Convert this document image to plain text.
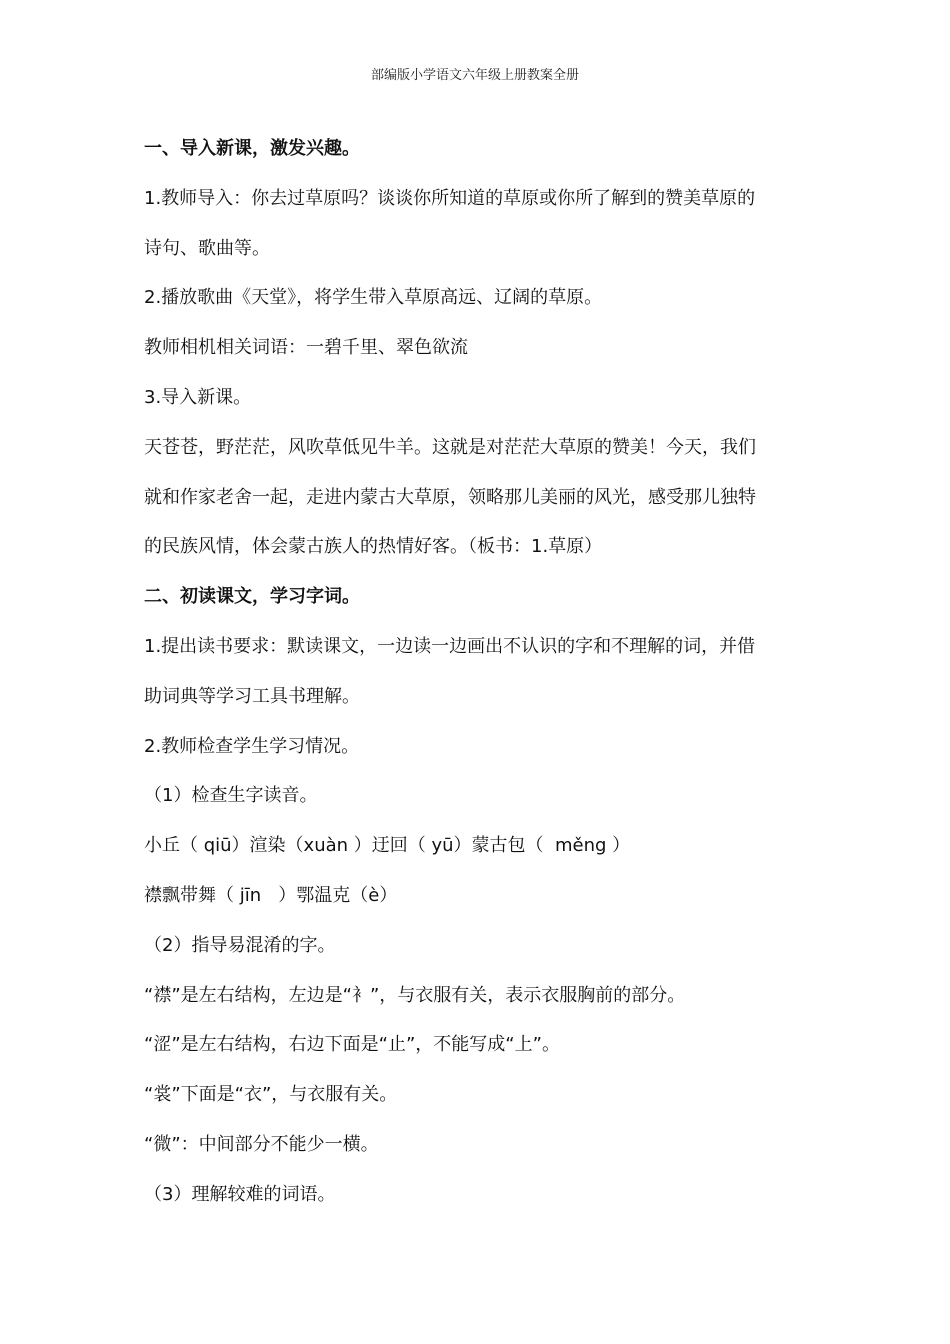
部编版小学语文六年级上册教案全册

一、导入新课，激发兴趣。

1.教师导入：你去过草原吗？谈谈你所知道的草原或你所了解到的赞美草原的

诗句、歌曲等。

2.播放歌曲《天堂》，将学生带入草原高远、辽阔的草原。

教师相机相关词语：一碧千里、翠色欲流

3.导入新课。

天苍苍，野茫茫，风吹草低见牛羊。这就是对茫茫大草原的赞美！今天，我们

就和作家老舍一起，走进内蒙古大草原，领略那儿美丽的风光，感受那儿独特

的民族风情，体会蒙古族人的热情好客。（板书：1.草原）

二、初读课文，学习字词。

1.提出读书要求：默读课文，一边读一边画出不认识的字和不理解的词，并借

助词典等学习工具书理解。

2.教师检查学生学习情况。

（1）检查生字读音。

小丘（ qiū）渲染（xuàn ）迂回（ yū）蒙古包（  měng ）

襟飘带舞（ jīn   ）鄂温克（è）

（2）指导易混淆的字。

“襟”是左右结构，左边是“衤”，与衣服有关，表示衣服胸前的部分。

“涩”是左右结构，右边下面是“止”，不能写成“上”。

“裳”下面是“衣”，与衣服有关。

“微”：中间部分不能少一横。

（3）理解较难的词语。
